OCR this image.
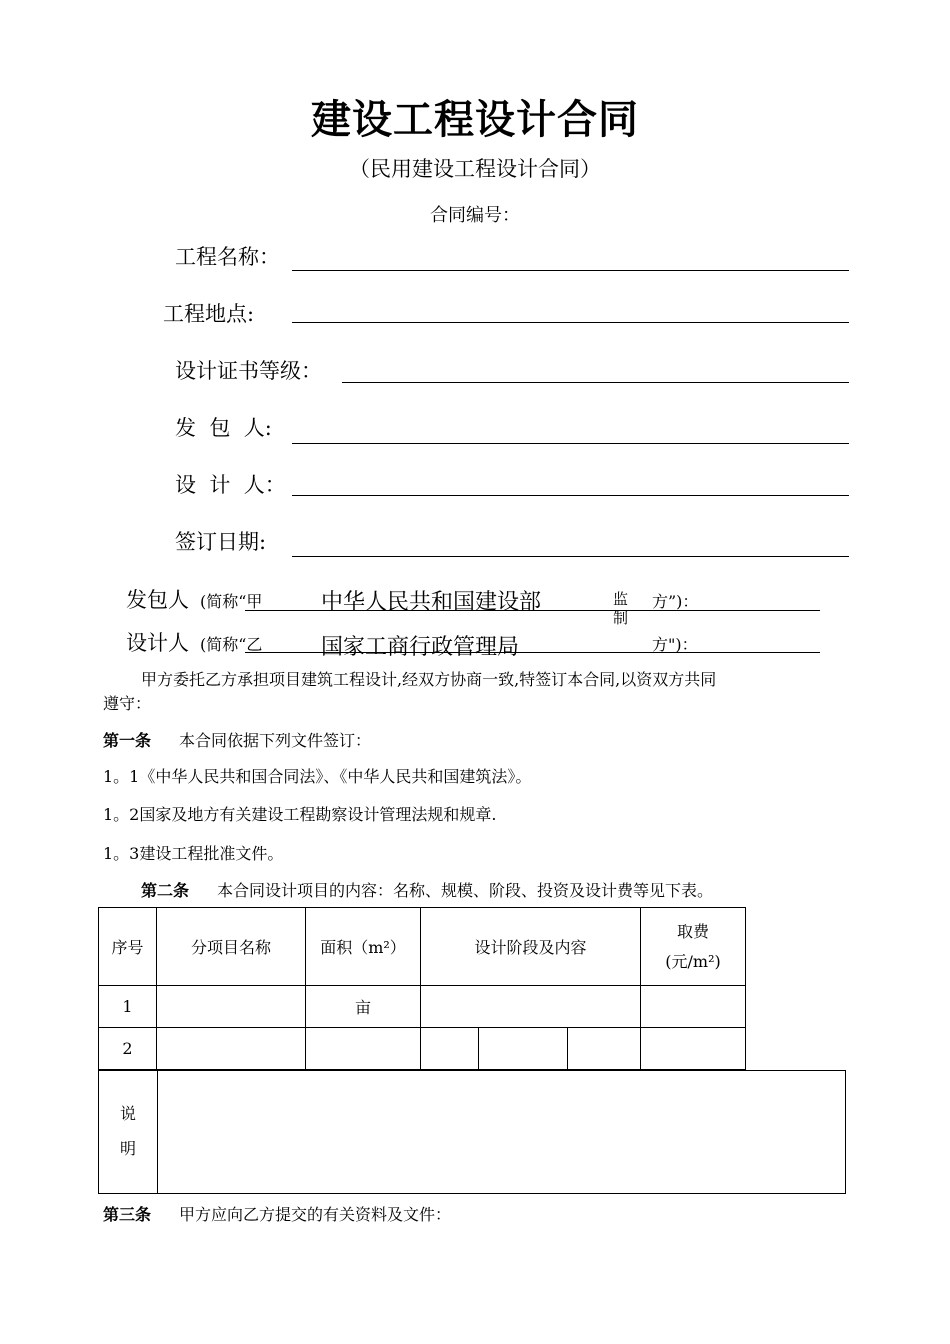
建设工程设计合同
（民用建设工程设计合同）
合同编号：
工程名称：
工程地点:
设计证书等级：
发  包  人:
设  计  人：
签订日期:
发包人 (简称“甲	中华人民共和国建设部	方”)：
监制
设计人 (简称“乙	国家工商行政管理局	方")：
甲方委托乙方承担项目建筑工程设计,经双方协商一致,特签订本合同,以资双方共同
遵守：
第一条 本合同依据下列文件签订：
1。1《中华人民共和国合同法》、《中华人民共和国建筑法》。
1。2国家及地方有关建设工程勘察设计管理法规和规章.
1。3建设工程批准文件。
第二条 本合同设计项目的内容：名称、规模、阶段、投资及设计费等见下表。
序号	分项目名称	面积（m²）	设计阶段及内容			取费
(元/m²)

1		亩				
2						
说
明
第三条 甲方应向乙方提交的有关资料及文件：
